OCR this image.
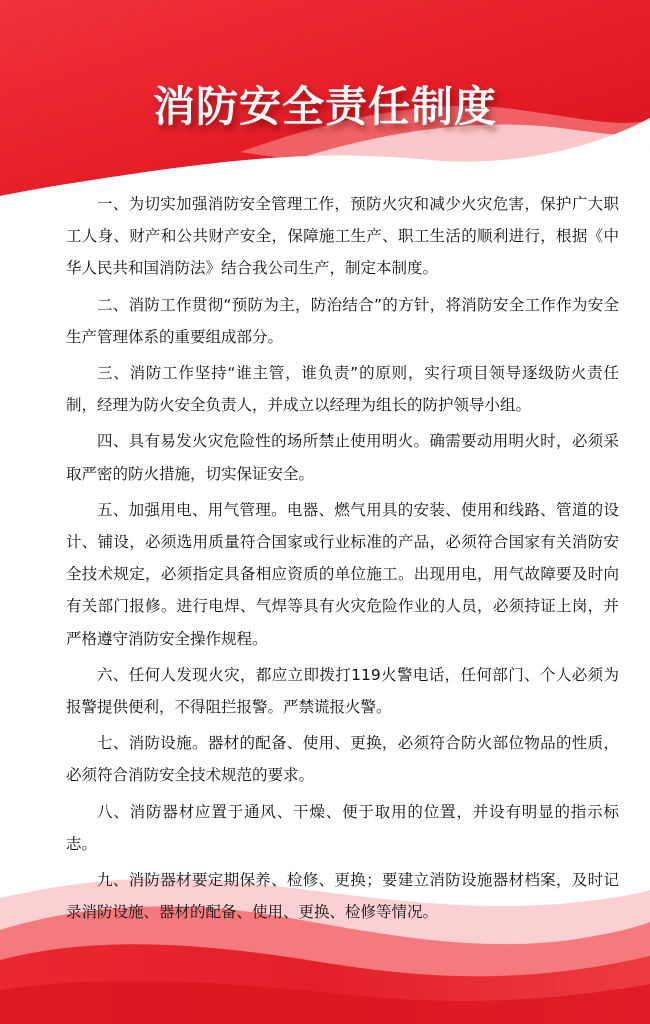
消防安全责任制度

一、为切实加强消防安全管理工作，预防火灾和减少火灾危害，保护广大职工人身、财产和公共财产安全，保障施工生产、职工生活的顺利进行，根据《中华人民共和国消防法》结合我公司生产，制定本制度。

二、消防工作贯彻“预防为主，防治结合”的方针，将消防安全工作作为安全生产管理体系的重要组成部分。

三、消防工作坚持“谁主管，谁负责”的原则，实行项目领导逐级防火责任制，经理为防火安全负责人，并成立以经理为组长的防护领导小组。

四、具有易发火灾危险性的场所禁止使用明火。确需要动用明火时，必须采取严密的防火措施，切实保证安全。

五、加强用电、用气管理。电器、燃气用具的安装、使用和线路、管道的设计、铺设，必须选用质量符合国家或行业标准的产品，必须符合国家有关消防安全技术规定，必须指定具备相应资质的单位施工。出现用电，用气故障要及时向有关部门报修。进行电焊、气焊等具有火灾危险作业的人员，必须持证上岗，并严格遵守消防安全操作规程。

六、任何人发现火灾，都应立即拨打119火警电话，任何部门、个人必须为报警提供便利，不得阻拦报警。严禁谎报火警。

七、消防设施。器材的配备、使用、更换，必须符合防火部位物品的性质，必须符合消防安全技术规范的要求。

八、消防器材应置于通风、干燥、便于取用的位置，并设有明显的指示标志。

九、消防器材要定期保养、检修、更换；要建立消防设施器材档案，及时记录消防设施、器材的配备、使用、更换、检修等情况。
